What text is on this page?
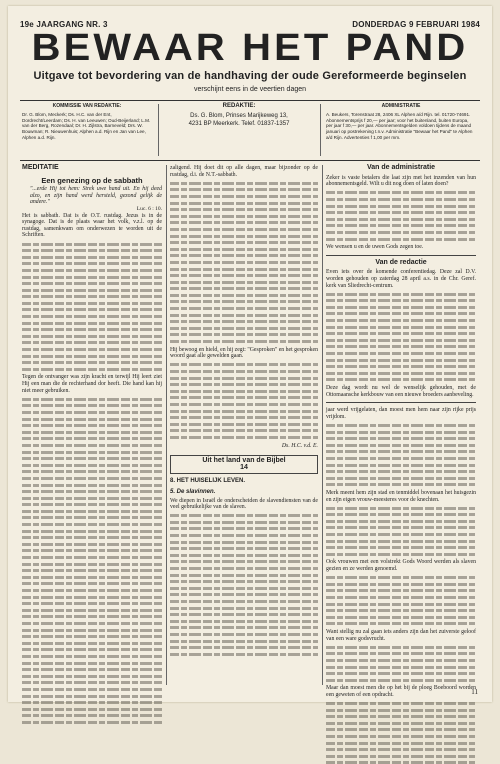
19e JAARGANG NR. 3	DONDERDAG 9 FEBRUARI 1984
BEWAAR HET PAND
Uitgave tot bevordering van de handhaving der oude Gereformeerde beginselen
verschijnt eens in de veertien dagen
KOMMISSIE VAN REDAKTIE:
Dr. G. Blom, Meckerk; Ds. H.C. van der Ent, Dordrecht/Leerdam; Ds. H. van Leeuwen; Oud-Beijerland; L.M. van der Berg, Rozendaal; Dr. H. Zijlstra, Barneveld; Drs. W. Bouwman; R. Nieuwenhuis; Alphen a.d. Rijn en Jan van Lee, Alphen a.d. Rijn.
REDAKTIE:
Ds. G. Blom, Prinses Marijkeweg 13,
4231 BP Meerkerk. Telef. 01837-1357
ADMINISTRATIE
A. Beukers, Torenstraat 28, 2406 XL Alphen a/d Rijn. tel. 01720-74691. Abonnementsprijs f 20,— per jaar; voor het buitenland, buiten Europa, per jaar f 30,— per jaar. Abonnementsgelden voldoen tijdens de maand januari op postrekening t.n.v. Administratie "Bewaar het Pand" te Alphen a/d Rijn. Advertenties f 1,00 per mm.
MEDITATIE
Een genezing op de sabbath
"...erde Hij tot hem: Strek uwe hand uit. En hij deed alzo, en zijn hand werd hersteld, gezond gelijk de andere."
Luc. 6 : 10.
Het is sabbath. Dat is de O.T. rustdag. Jezus is in de synagoge. Dat is de plaats waar het volk, v.z.l. op de rustdag, samenkwam om onderwezen te worden uit de Schriften.
Tegen de ontvanger was zijn kracht en terwijl Hij leert ziet Hij een man die de rechterhand dor heeft. Die hand kan hij niet meer gebruiken.
zaligend. Hij doet dit op alle dagen, maar bijzonder op de rustdag, d.i. de N.T.-sabbath.
Hij bewoog en hield, en hij zegt: "Gesproken" en het gesproken woord gaat alle gewelden gaan.
Ds. H.C. v.d. E.
Uit het land van de Bijbel
14
8. HET HUISELIJK LEVEN.
5. De slavinnen.
We diepen in Israël de onderscheiden de slavendiensten van de veel gebruikelijke van de slaven.
Van de administratie
Zeker is vaste betalers die laat zijn met het inzenden van hun abonnementsgeld. Wilt u dit nog doen of laten doen?
We wensen u en de uwen Gods zegen toe.
Van de redactie
Even iets over de komende conferentiedag. Deze zal D.V. worden gehouden op zaterdag 28 april a.s. in de Chr. Geref. kerk van Sliedrecht-centrum.
Deze dag wordt nu wel de wenselijk gehouden, met de Ottomaansche kerkbouw van een nieuwe broeders aanbeveling.
jaar werd vrijgelaten, dan moest men hem naar zijn rijke prijs vrijdom.
Merk meent hem zijn stad en tenmiddel bovenaan het huisgezin en zijn eigen vrouw-meesteres voor de knechten.
Ook vrouwen met een volstrekt Gods Woord werden als slaven gezien en ze werden genoemd.
Want stellig nu zal gaan iets anders zijn dan het zuiverste geloof van een ware godsvrucht.
Maar dan moest men die op het bij de ploeg Boeboord worden een geweten of een opdracht.	11
